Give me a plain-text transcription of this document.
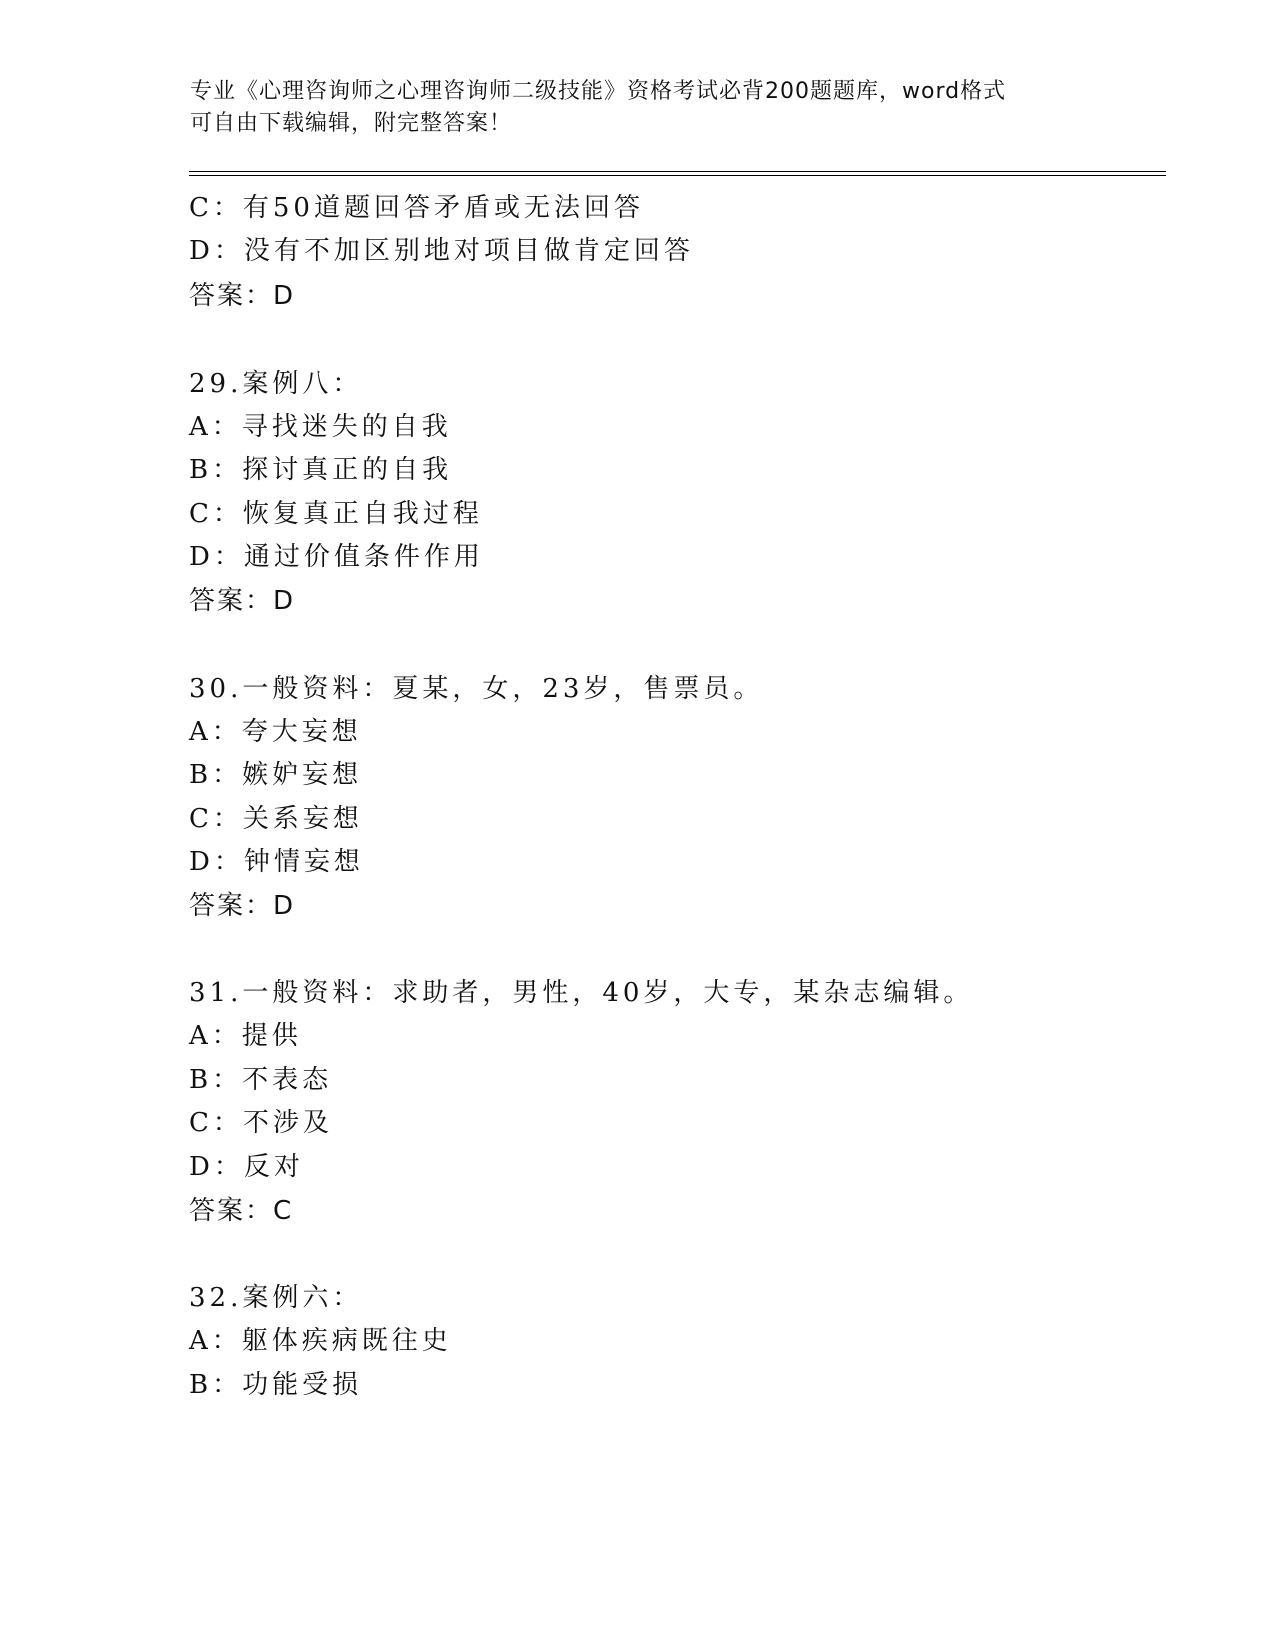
专业《心理咨询师之心理咨询师二级技能》资格考试必背200题题库，word格式
可自由下载编辑，附完整答案！
C：有50道题回答矛盾或无法回答
D：没有不加区别地对项目做肯定回答
答案：D
29.案例八：
A：寻找迷失的自我
B：探讨真正的自我
C：恢复真正自我过程
D：通过价值条件作用
答案：D
30.一般资料：夏某，女，23岁，售票员。
A：夸大妄想
B：嫉妒妄想
C：关系妄想
D：钟情妄想
答案：D
31.一般资料：求助者，男性，40岁，大专，某杂志编辑。
A：提供
B：不表态
C：不涉及
D：反对
答案：C
32.案例六：
A：躯体疾病既往史
B：功能受损
